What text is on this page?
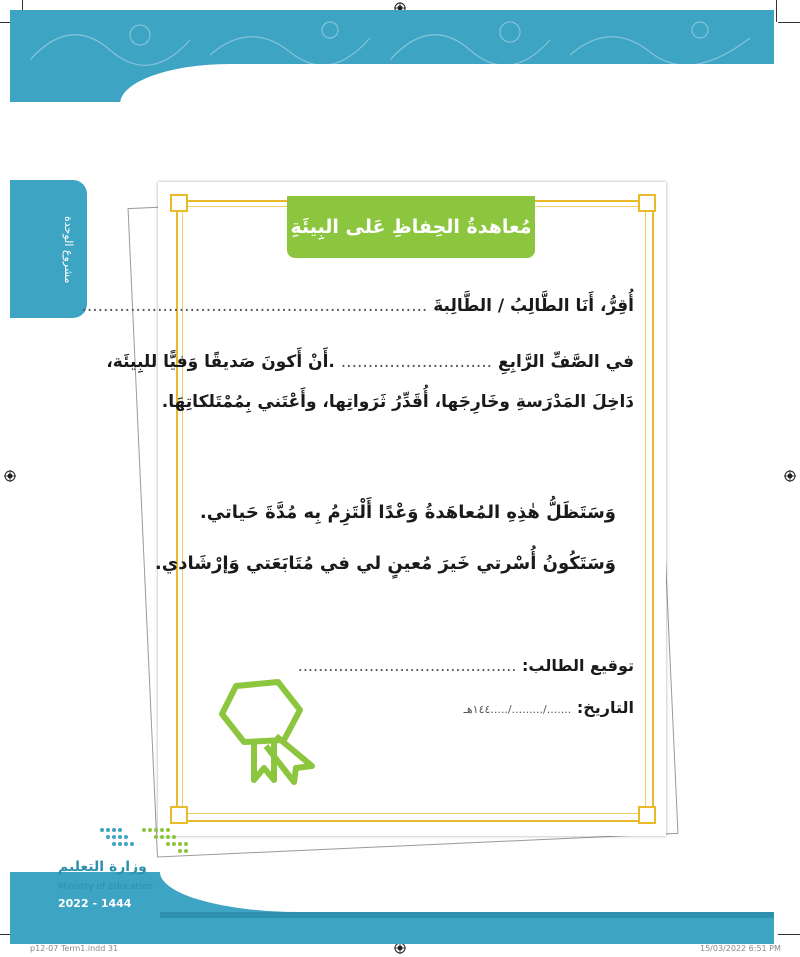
مشروع الوحدة	مُعاهدةُ الحِفاظِ عَلى البِيئَةِ
أُقِرُّ، أَنَا الطَّالِبُ / الطَّالِبةَ ................................................................
في الصَّفِّ الرَّابِعِ ............................ .أَنْ أَكونَ صَديقًا وَفيًّا للبِيئَة،
دَاخِلَ المَدْرَسةِ وخَارِجَها، أُقَدِّرُ ثَرَواتِها، وأَعْتَني بِمُمْتَلكاتِهَا.
وَسَتَظَلُّ هٰذِهِ المُعاهَدةُ وَعْدًا أَلْتَزِمُ بِه مُدَّةَ حَياتي.
وَسَتَكُونُ أُسْرتي خَيرَ مُعينٍ لي في مُتَابَعَتي وَإرْشَادي.
توقيع الطالب: ...........................................
التاريخ: ......./........./.....١٤٤هـ
وزارة التعليم
Ministry of Education
2022 - 1444
p12-07 Term1.indd 31	15/03/2022 6:51 PM
